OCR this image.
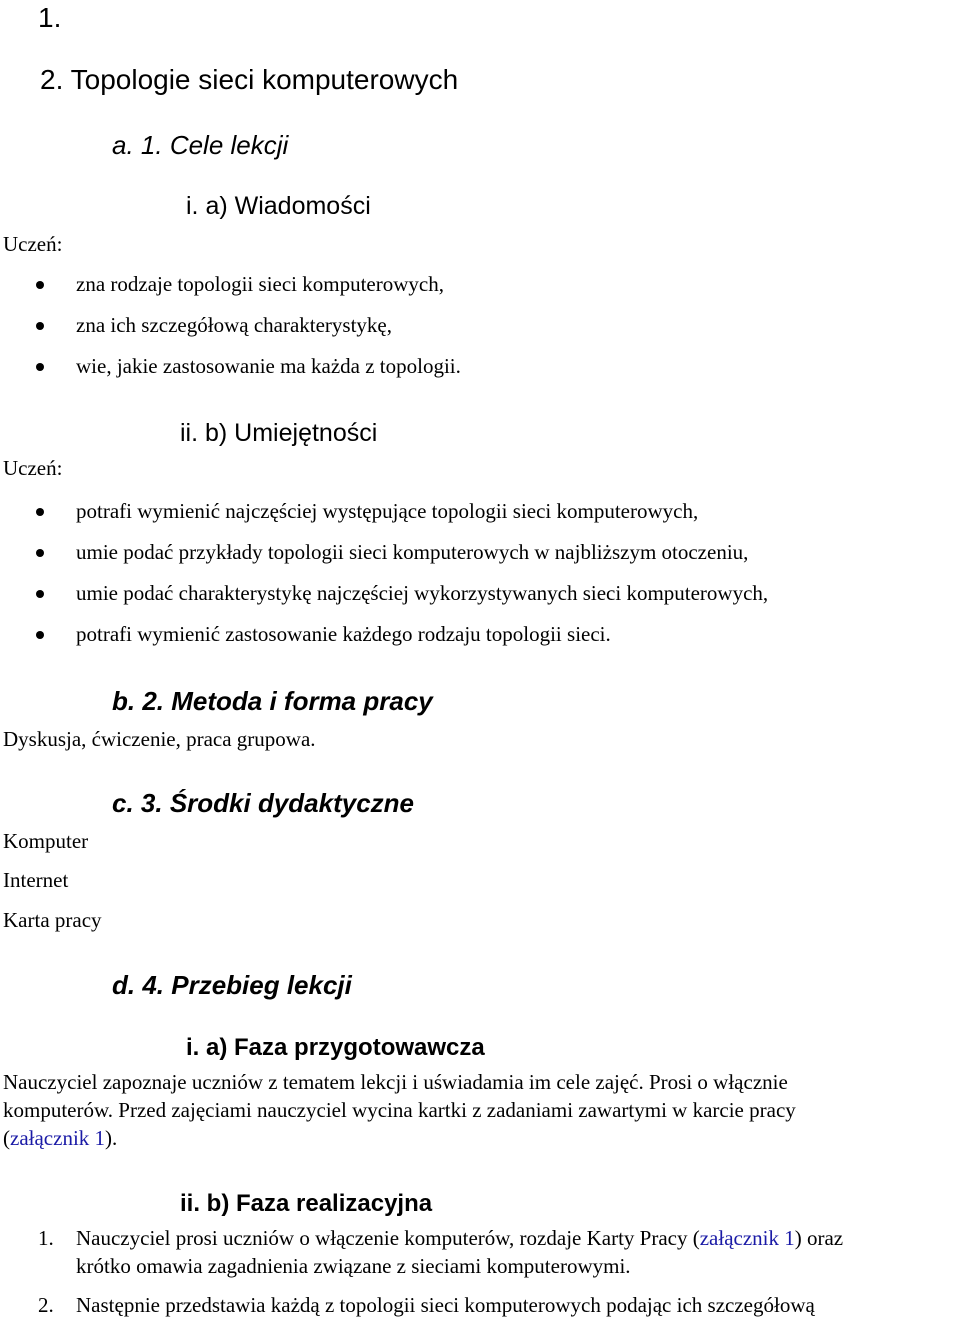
1.
2. Topologie sieci komputerowych
a. 1. Cele lekcji
i. a) Wiadomości
Uczeń:
zna rodzaje topologii sieci komputerowych,
zna ich szczegółową charakterystykę,
wie, jakie zastosowanie ma każda z topologii.
ii. b) Umiejętności
Uczeń:
potrafi wymienić najczęściej występujące topologii sieci komputerowych,
umie podać przykłady topologii sieci komputerowych w najbliższym otoczeniu,
umie podać charakterystykę najczęściej wykorzystywanych sieci komputerowych,
potrafi wymienić zastosowanie każdego rodzaju topologii sieci.
b. 2. Metoda i forma pracy
Dyskusja, ćwiczenie, praca grupowa.
c. 3. Środki dydaktyczne
Komputer
Internet
Karta pracy
d. 4. Przebieg lekcji
i. a) Faza przygotowawcza
Nauczyciel zapoznaje uczniów z tematem lekcji i uświadamia im cele zajęć. Prosi o włącznie
komputerów. Przed zajęciami nauczyciel wycina kartki z zadaniami zawartymi w karcie pracy
(załącznik 1).
ii. b) Faza realizacyjna
1. Nauczyciel prosi uczniów o włączenie komputerów, rozdaje Karty Pracy (załącznik 1) oraz
krótko omawia zagadnienia związane z sieciami komputerowymi.
2. Następnie przedstawia każdą z topologii sieci komputerowych podając ich szczegółową
